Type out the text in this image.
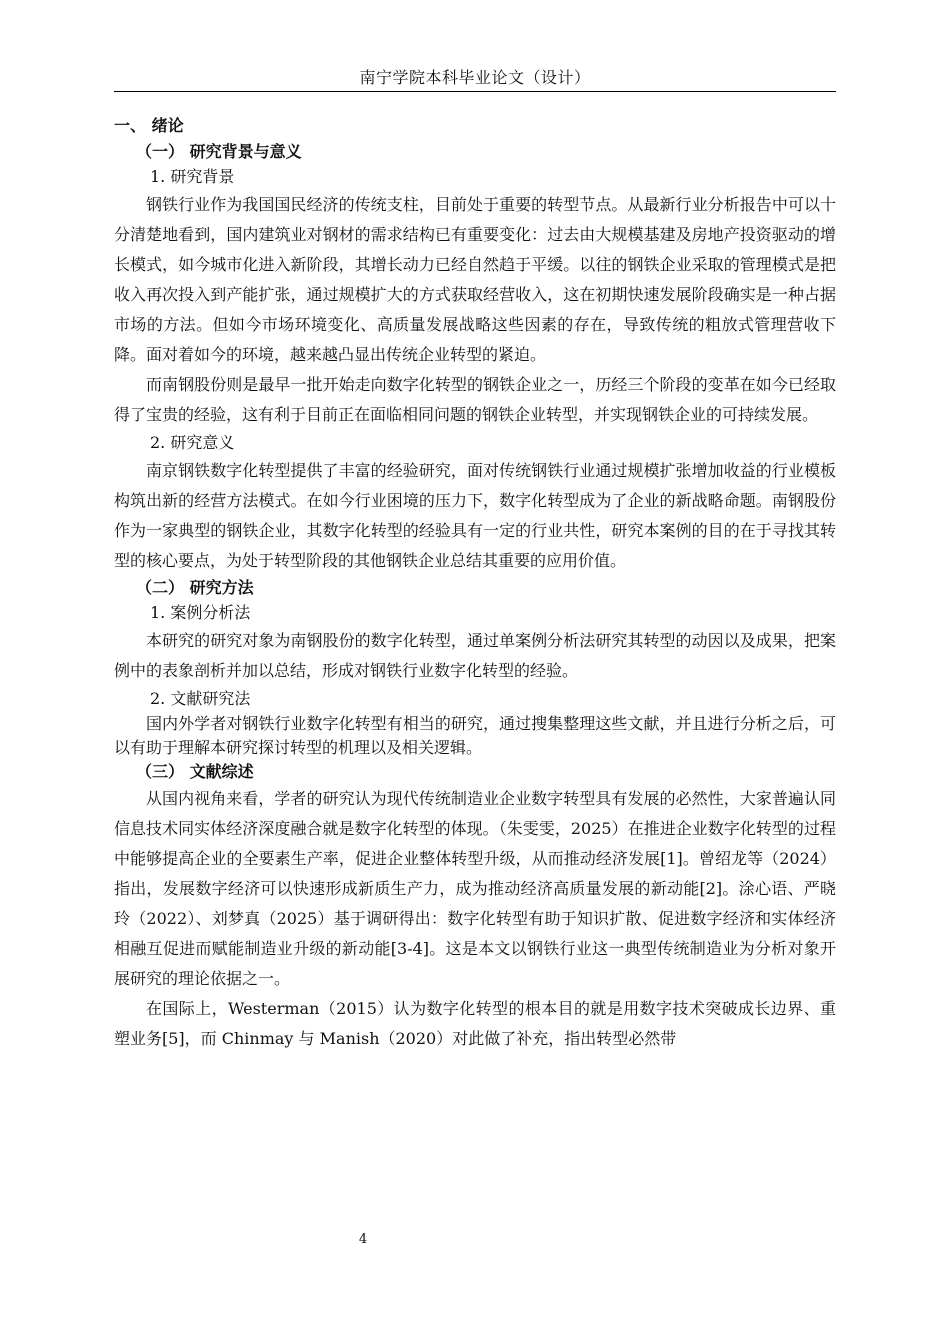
南宁学院本科毕业论文（设计）
一、 绪论
（一） 研究背景与意义
1. 研究背景

钢铁行业作为我国国民经济的传统支柱，目前处于重要的转型节点。从最新行业分析报告中可以十分清楚地看到，国内建筑业对钢材的需求结构已有重要变化：过去由大规模基建及房地产投资驱动的增长模式，如今城市化进入新阶段，其增长动力已经自然趋于平缓。以往的钢铁企业采取的管理模式是把收入再次投入到产能扩张，通过规模扩大的方式获取经营收入，这在初期快速发展阶段确实是一种占据市场的方法。但如今市场环境变化、高质量发展战略这些因素的存在，导致传统的粗放式管理营收下降。面对着如今的环境，越来越凸显出传统企业转型的紧迫。

而南钢股份则是最早一批开始走向数字化转型的钢铁企业之一，历经三个阶段的变革在如今已经取得了宝贵的经验，这有利于目前正在面临相同问题的钢铁企业转型，并实现钢铁企业的可持续发展。

2. 研究意义

南京钢铁数字化转型提供了丰富的经验研究，面对传统钢铁行业通过规模扩张增加收益的行业模板构筑出新的经营方法模式。在如今行业困境的压力下，数字化转型成为了企业的新战略命题。南钢股份作为一家典型的钢铁企业，其数字化转型的经验具有一定的行业共性，研究本案例的目的在于寻找其转型的核心要点，为处于转型阶段的其他钢铁企业总结其重要的应用价值。

（二） 研究方法
1. 案例分析法

本研究的研究对象为南钢股份的数字化转型，通过单案例分析法研究其转型的动因以及成果，把案例中的表象剖析并加以总结，形成对钢铁行业数字化转型的经验。

2. 文献研究法

国内外学者对钢铁行业数字化转型有相当的研究，通过搜集整理这些文献，并且进行分析之后，可以有助于理解本研究探讨转型的机理以及相关逻辑。

（三） 文献综述

从国内视角来看，学者的研究认为现代传统制造业企业数字转型具有发展的必然性，大家普遍认同信息技术同实体经济深度融合就是数字化转型的体现。（朱雯雯，2025）在推进企业数字化转型的过程中能够提高企业的全要素生产率，促进企业整体转型升级，从而推动经济发展[1]。曾绍龙等（2024）指出，发展数字经济可以快速形成新质生产力，成为推动经济高质量发展的新动能[2]。涂心语、严晓玲（2022）、刘梦真（2025）基于调研得出：数字化转型有助于知识扩散、促进数字经济和实体经济相融互促进而赋能制造业升级的新动能[3-4]。这是本文以钢铁行业这一典型传统制造业为分析对象开展研究的理论依据之一。

在国际上，Westerman（2015）认为数字化转型的根本目的就是用数字技术突破成长边界、重塑业务[5]，而 Chinmay 与 Manish（2020）对此做了补充，指出转型必然带

4
